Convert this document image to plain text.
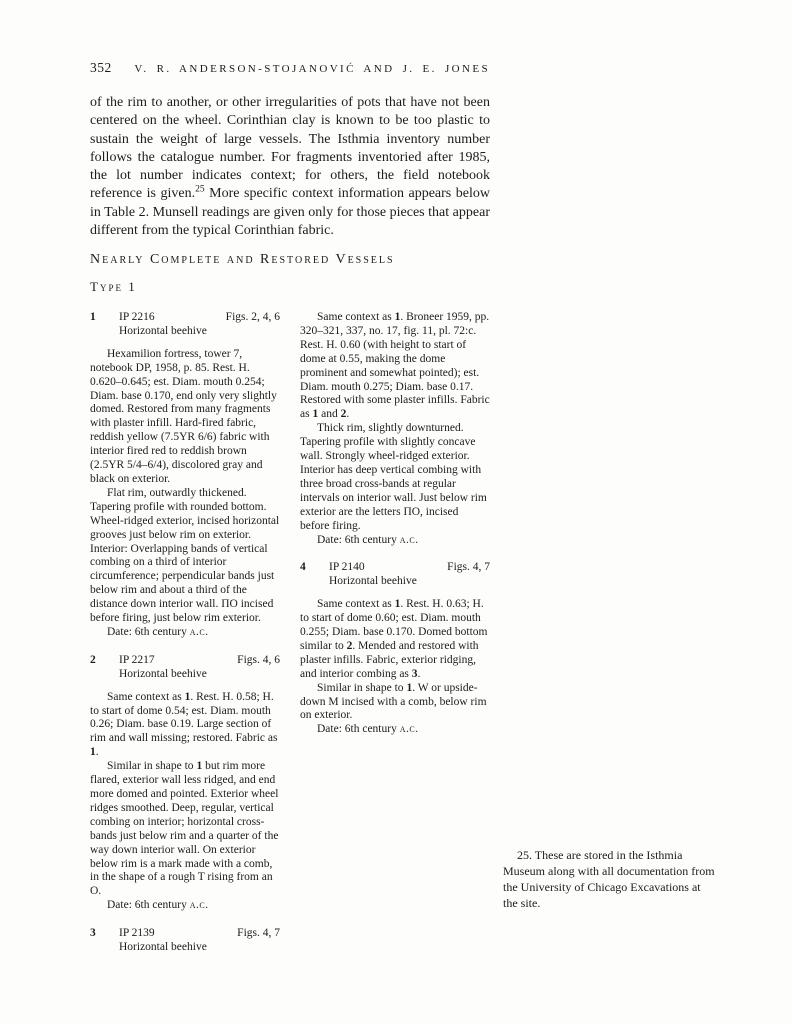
352 V. R. ANDERSON-STOJANOVIĆ AND J. E. JONES
of the rim to another, or other irregularities of pots that have not been centered on the wheel. Corinthian clay is known to be too plastic to sustain the weight of large vessels. The Isthmia inventory number follows the catalogue number. For fragments inventoried after 1985, the lot number indicates context; for others, the field notebook reference is given.$^{25}$ More specific context information appears below in Table 2. Munsell readings are given only for those pieces that appear different from the typical Corinthian fabric.
Nearly Complete and Restored Vessels
Type 1
1	IP 2216	Figs. 2, 4, 6
Horizontal beehive

Hexamilion fortress, tower 7, notebook DP, 1958, p. 85. Rest. H. 0.620–0.645; est. Diam. mouth 0.254; Diam. base 0.170, end only very slightly domed. Restored from many fragments with plaster infill. Hard-fired fabric, reddish yellow (7.5YR 6/6) fabric with interior fired red to reddish brown (2.5YR 5/4–6/4), discolored gray and black on exterior.

Flat rim, outwardly thickened. Tapering profile with rounded bottom. Wheel-ridged exterior, incised horizontal grooves just below rim on exterior. Interior: Overlapping bands of vertical combing on a third of interior circumference; perpendicular bands just below rim and about a third of the distance down interior wall. ΠΟ incised before firing, just below rim exterior.

Date: 6th century a.c.

2	IP 2217	Figs. 4, 6
Horizontal beehive

Same context as 1. Rest. H. 0.58; H. to start of dome 0.54; est. Diam. mouth 0.26; Diam. base 0.19. Large section of rim and wall missing; restored. Fabric as 1.

Similar in shape to 1 but rim more flared, exterior wall less ridged, and end more domed and pointed. Exterior wheel ridges smoothed. Deep, regular, vertical combing on interior; horizontal cross-bands just below rim and a quarter of the way down interior wall. On exterior below rim is a mark made with a comb, in the shape of a rough T rising from an O.

Date: 6th century a.c.

3	IP 2139	Figs. 4, 7
Horizontal beehive

Same context as 1. Broneer 1959, pp. 320–321, 337, no. 17, fig. 11, pl. 72:c. Rest. H. 0.60 (with height to start of dome at 0.55, making the dome prominent and somewhat pointed); est. Diam. mouth 0.275; Diam. base 0.17. Restored with some plaster infills. Fabric as 1 and 2.

Thick rim, slightly downturned. Tapering profile with slightly concave wall. Strongly wheel-ridged exterior. Interior has deep vertical combing with three broad cross-bands at regular intervals on interior wall. Just below rim exterior are the letters ΠΟ, incised before firing.

Date: 6th century a.c.

4	IP 2140	Figs. 4, 7
Horizontal beehive

Same context as 1. Rest. H. 0.63; H. to start of dome 0.60; est. Diam. mouth 0.255; Diam. base 0.170. Domed bottom similar to 2. Mended and restored with plaster infills. Fabric, exterior ridging, and interior combing as 3.

Similar in shape to 1. W or upside-down M incised with a comb, below rim on exterior.

Date: 6th century a.c.

25. These are stored in the Isthmia Museum along with all documentation from the University of Chicago Excavations at the site.
